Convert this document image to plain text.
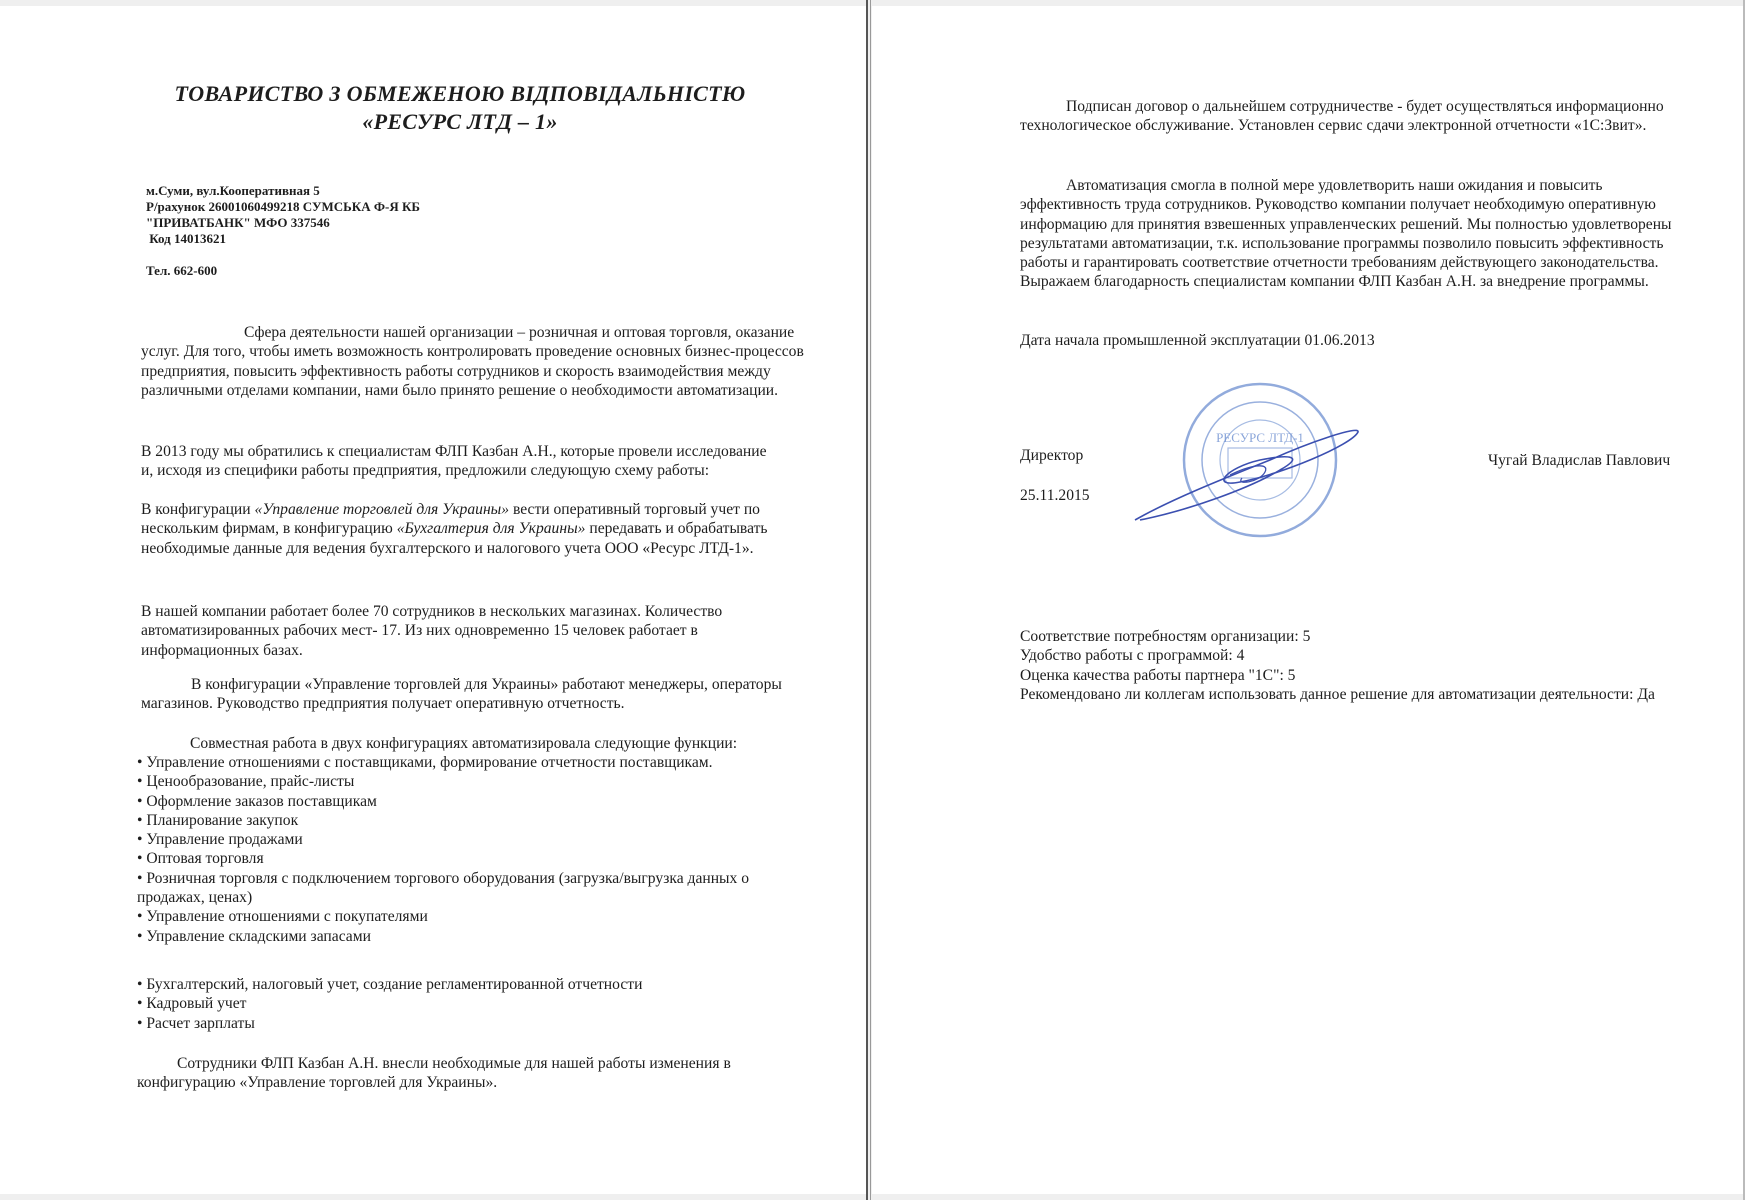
ТОВАРИСТВО З ОБМЕЖЕНОЮ ВІДПОВІДАЛЬНІСТЮ
«РЕСУРС ЛТД – 1»
м.Суми, вул.Кооперативная 5
Р/рахунок 26001060499218 СУМСЬКА Ф-Я КБ
"ПРИВАТБАНК" МФО 337546
Код 14013621
Тел. 662-600

Сфера деятельности нашей организации – розничная и оптовая торговля, оказание услуг. Для того, чтобы иметь возможность контролировать проведение основных бизнес-процессов предприятия, повысить эффективность работы сотрудников и скорость взаимодействия между различными отделами компании, нами было принято решение о необходимости автоматизации.

В 2013 году мы обратились к специалистам ФЛП Казбан А.Н., которые провели исследование и, исходя из специфики работы предприятия, предложили следующую схему работы:

В конфигурации «Управление торговлей для Украины» вести оперативный торговый учет по нескольким фирмам, в конфигурацию «Бухгалтерия для Украины» передавать и обрабатывать необходимые данные для ведения бухгалтерского и налогового учета ООО «Ресурс ЛТД-1».

В нашей компании работает более 70 сотрудников в нескольких магазинах. Количество автоматизированных рабочих мест- 17. Из них одновременно 15 человек работает в информационных базах.

В конфигурации «Управление торговлей для Украины» работают менеджеры, операторы магазинов. Руководство предприятия получает оперативную отчетность.

Совместная работа в двух конфигурациях автоматизировала следующие функции:

• Управление отношениями с поставщиками, формирование отчетности поставщикам.
• Ценообразование, прайс-листы
• Оформление заказов поставщикам
• Планирование закупок
• Управление продажами
• Оптовая торговля
• Розничная торговля с подключением торгового оборудования (загрузка/выгрузка данных о продажах, ценах)
• Управление отношениями с покупателями
• Управление складскими запасами
• Бухгалтерский, налоговый учет, создание регламентированной отчетности
• Кадровый учет
• Расчет зарплаты

Сотрудники ФЛП Казбан А.Н. внесли необходимые для нашей работы изменения в конфигурацию «Управление торговлей для Украины».

Подписан договор о дальнейшем сотрудничестве - будет осуществляться информационно технологическое обслуживание. Установлен сервис сдачи электронной отчетности «1С:Звит».

Автоматизация смогла в полной мере удовлетворить наши ожидания и повысить эффективность труда сотрудников. Руководство компании получает необходимую оперативную информацию для принятия взвешенных управленческих решений. Мы полностью удовлетворены результатами автоматизации, т.к. использование программы позволило повысить эффективность работы и гарантировать соответствие отчетности требованиям действующего законодательства. Выражаем благодарность специалистам компании ФЛП Казбан А.Н. за внедрение программы.

Дата начала промышленной эксплуатации 01.06.2013

Директор	Чугай Владислав Павлович

25.11.2015

РЕСУРС ЛТД-1
Соответствие потребностям организации: 5
Удобство работы с программой: 4
Оценка качества работы партнера "1С": 5
Рекомендовано ли коллегам использовать данное решение для автоматизации деятельности: Да
